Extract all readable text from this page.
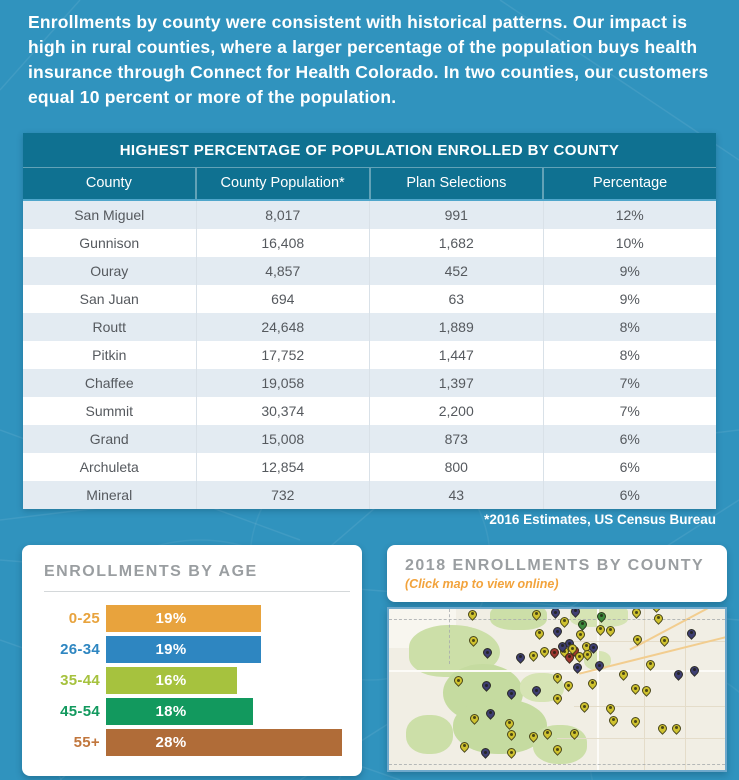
Enrollments by county were consistent with historical patterns. Our impact is high in rural counties, where a larger percentage of the population buys health insurance through Connect for Health Colorado. In two counties, our customers equal 10 percent or more of the population.

HIGHEST PERCENTAGE OF POPULATION ENROLLED BY COUNTY
County	County Population*	Plan Selections	Percentage
San Miguel	8,017	991	12%
Gunnison	16,408	1,682	10%
Ouray	4,857	452	9%
San Juan	694	63	9%
Routt	24,648	1,889	8%
Pitkin	17,752	1,447	8%
Chaffee	19,058	1,397	7%
Summit	30,374	2,200	7%
Grand	15,008	873	6%
Archuleta	12,854	800	6%
Mineral	732	43	6%
*2016 Estimates, US Census Bureau
ENROLLMENTS BY AGE
0-25	19%
26-34	19%
35-44	16%
45-54	18%
55+	28%
2018 ENROLLMENTS BY COUNTY
(Click map to view online)
